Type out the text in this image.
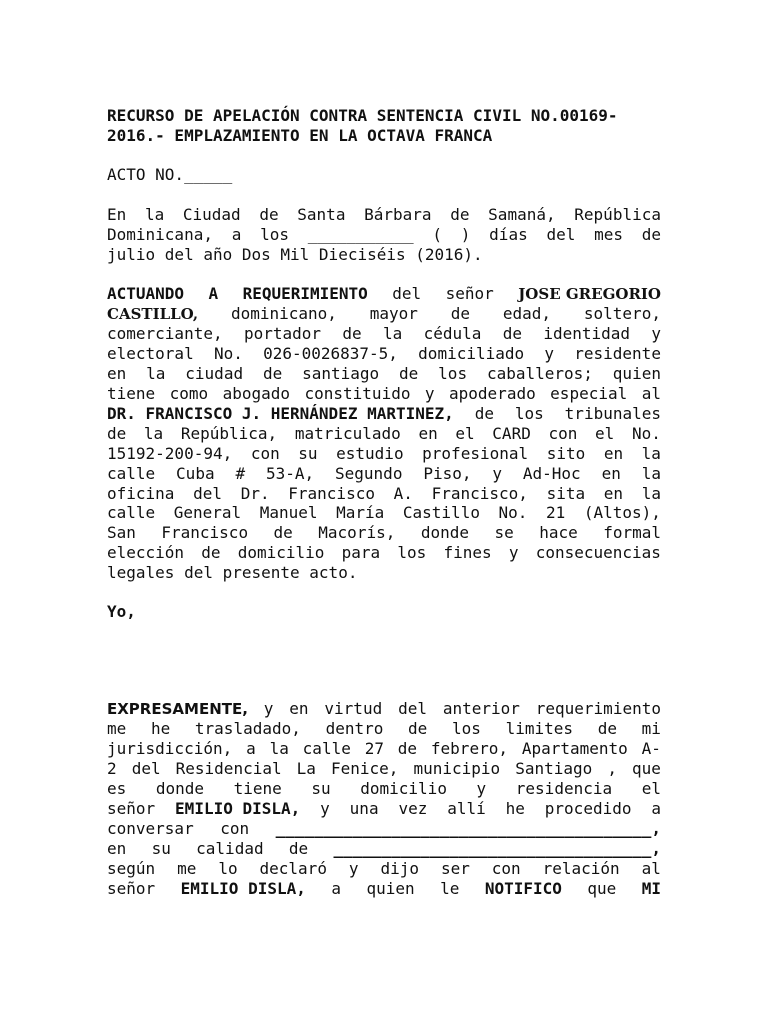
RECURSO DE APELACIÓN CONTRA SENTENCIA CIVIL NO.00169-
2016.- EMPLAZAMIENTO EN LA OCTAVA FRANCA
ACTO NO._____
En la Ciudad de Santa Bárbara de Samaná, República
Dominicana, a los ___________ ( ) días del mes de
julio del año Dos Mil Dieciséis (2016).
ACTUANDO A REQUERIMIENTO del señor JOSE GREGORIO
CASTILLO, dominicano, mayor de edad, soltero,
comerciante, portador de la cédula de identidad y
electoral No. 026-0026837-5, domiciliado y residente
en la ciudad de santiago de los caballeros; quien
tiene como abogado constituido y apoderado especial al
DR. FRANCISCO J. HERNÁNDEZ MARTINEZ, de los tribunales
de la República, matriculado en el CARD con el No.
15192-200-94, con su estudio profesional sito en la
calle Cuba # 53-A, Segundo Piso, y Ad-Hoc en la
oficina del Dr. Francisco A. Francisco, sita en la
calle General Manuel María Castillo No. 21 (Altos),
San Francisco de Macorís, donde se hace formal
elección de domicilio para los fines y consecuencias
legales del presente acto.
Yo,
EXPRESAMENTE, y en virtud del anterior requerimiento
me he trasladado, dentro de los limites de mi
jurisdicción, a la calle 27 de febrero, Apartamento A-
2 del Residencial La Fenice, municipio Santiago , que
es donde tiene su domicilio y residencia el
señor EMILIO DISLA, y una vez allí he procedido a
conversar con _______________________________________,
en su calidad de _________________________________,
según me lo declaró y dijo ser con relación al
señor EMILIO DISLA, a quien le NOTIFICO que MI
